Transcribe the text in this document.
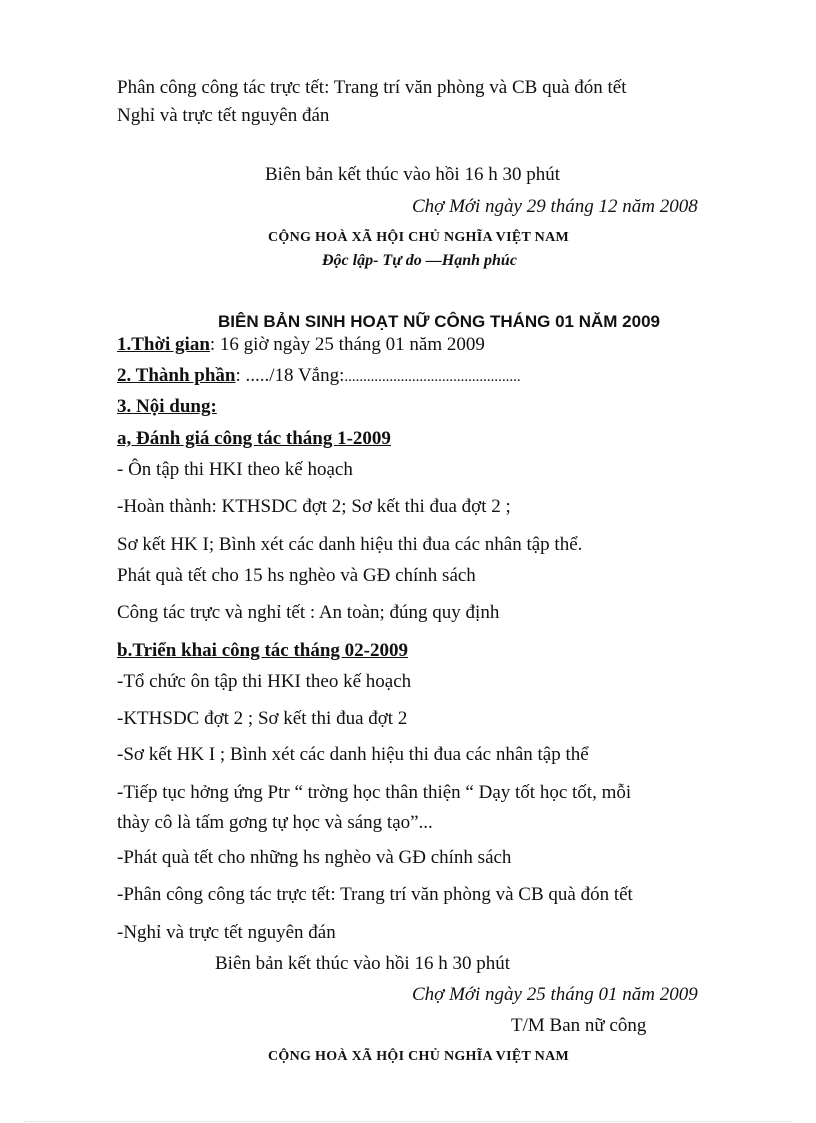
Phân công công tác trực tết: Trang trí văn phòng và CB quà đón tết
Nghỉ và trực tết nguyên đán
Biên bản kết thúc vào hồi 16 h 30 phút
Chợ Mới ngày 29 tháng 12 năm 2008
CỘNG HOÀ XÃ HỘI CHỦ NGHĨA VIỆT NAM
Độc lập- Tự do —Hạnh phúc
BIÊN BẢN SINH HOẠT NỮ CÔNG THÁNG 01 NĂM 2009
1.Thời gian: 16 giờ ngày 25 tháng 01 năm 2009
2. Thành phần: ...../18 Vắng:...............................................
3. Nội dung:
a, Đánh giá công tác tháng 1-2009
- Ôn tập thi HKI theo kế hoạch
-Hoàn thành: KTHSDC đợt 2; Sơ kết thi đua đợt 2 ;
Sơ kết HK I; Bình xét các danh hiệu thi đua các nhân tập thể.
Phát quà tết cho 15 hs nghèo và GĐ chính sách
Công tác trực và nghỉ tết : An toàn; đúng quy định
b.Triển khai công tác tháng 02-2009
-Tổ chức ôn tập thi HKI theo kế hoạch
-KTHSDC đợt 2 ; Sơ kết thi đua đợt 2
-Sơ kết HK I ; Bình xét các danh hiệu thi đua các nhân tập thể
-Tiếp tục hởng ứng Ptr “ trờng học thân thiện “ Dạy tốt học tốt, mỗi
thày cô là tấm gơng tự học và sáng tạo”...
-Phát quà tết cho những hs nghèo và GĐ chính sách
-Phân công công tác trực tết: Trang trí văn phòng và CB quà đón tết
-Nghỉ và trực tết nguyên đán
Biên bản kết thúc vào hồi 16 h 30 phút
Chợ Mới ngày 25 tháng 01 năm 2009
T/M Ban nữ công
CỘNG HOÀ XÃ HỘI CHỦ NGHĨA VIỆT NAM
